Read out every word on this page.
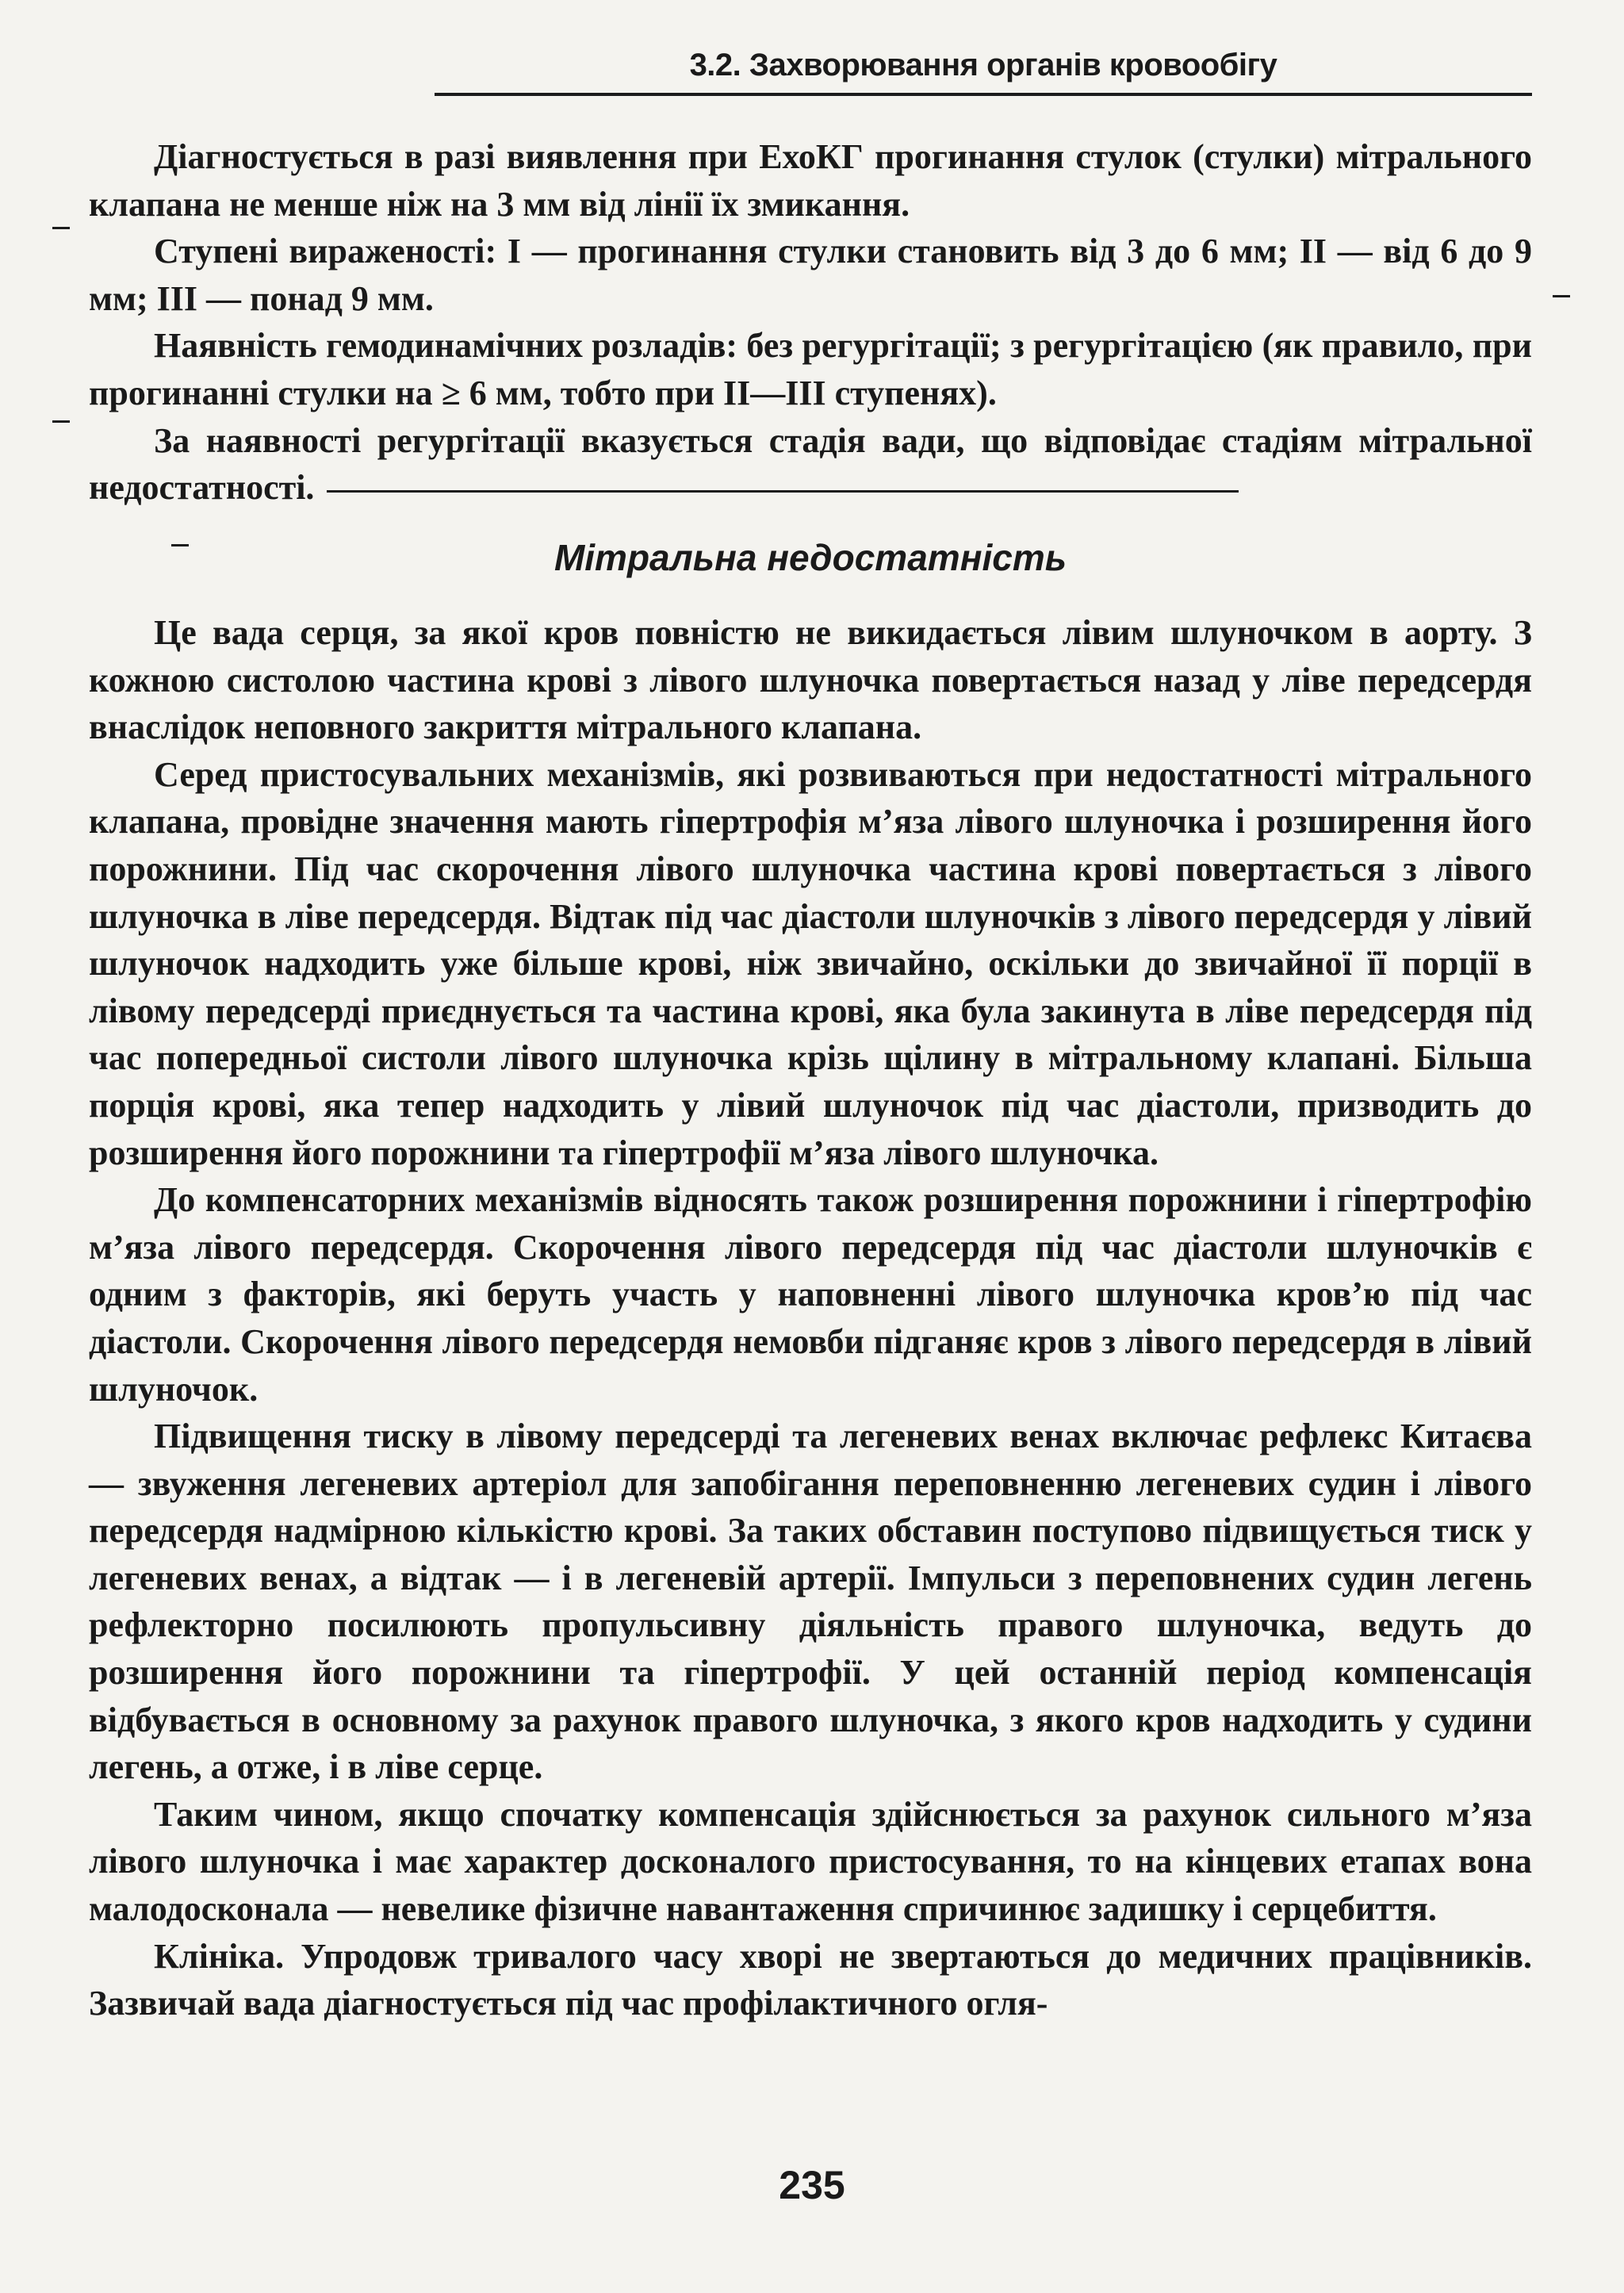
3.2. Захворювання органів кровообігу

Діагностується в разі виявлення при ЕхоКГ прогинання стулок (стулки) мітрального клапана не менше ніж на 3 мм від лінії їх змикання.

Ступені вираженості: I — прогинання стулки становить від 3 до 6 мм; II — від 6 до 9 мм; III — понад 9 мм.

Наявність гемодинамічних розладів: без регургітації; з регургітацією (як правило, при прогинанні стулки на ≥ 6 мм, тобто при II—III ступенях).

За наявності регургітації вказується стадія вади, що відповідає стадіям мітральної недостатності.

Мітральна недостатність

Це вада серця, за якої кров повністю не викидається лівим шлуночком в аорту. З кожною систолою частина крові з лівого шлуночка повертається назад у ліве передсердя внаслідок неповного закриття мітрального клапана.

Серед пристосувальних механізмів, які розвиваються при недостатності мітрального клапана, провідне значення мають гіпертрофія м’яза лівого шлуночка і розширення його порожнини. Під час скорочення лівого шлуночка частина крові повертається з лівого шлуночка в ліве передсердя. Відтак під час діастоли шлуночків з лівого передсердя у лівий шлуночок надходить уже більше крові, ніж звичайно, оскільки до звичайної її порції в лівому передсерді приєднується та частина крові, яка була закинута в ліве передсердя під час попередньої систоли лівого шлуночка крізь щілину в мітральному клапані. Більша порція крові, яка тепер надходить у лівий шлуночок під час діастоли, призводить до розширення його порожнини та гіпертрофії м’яза лівого шлуночка.

До компенсаторних механізмів відносять також розширення порожнини і гіпертрофію м’яза лівого передсердя. Скорочення лівого передсердя під час діастоли шлуночків є одним з факторів, які беруть участь у наповненні лівого шлуночка кров’ю під час діастоли. Скорочення лівого передсердя немовби підганяє кров з лівого передсердя в лівий шлуночок.

Підвищення тиску в лівому передсерді та легеневих венах включає рефлекс Китаєва — звуження легеневих артеріол для запобігання переповненню легеневих судин і лівого передсердя надмірною кількістю крові. За таких обставин поступово підвищується тиск у легеневих венах, а відтак — і в легеневій артерії. Імпульси з переповнених судин легень рефлекторно посилюють пропульсивну діяльність правого шлуночка, ведуть до розширення його порожнини та гіпертрофії. У цей останній період компенсація відбувається в основному за рахунок правого шлуночка, з якого кров надходить у судини легень, а отже, і в ліве серце.

Таким чином, якщо спочатку компенсація здійснюється за рахунок сильного м’яза лівого шлуночка і має характер досконалого пристосування, то на кінцевих етапах вона малодосконала — невелике фізичне навантаження спричинює задишку і серцебиття.

Клініка. Упродовж тривалого часу хворі не звертаються до медичних працівників. Зазвичай вада діагностується під час профілактичного огля-

235
